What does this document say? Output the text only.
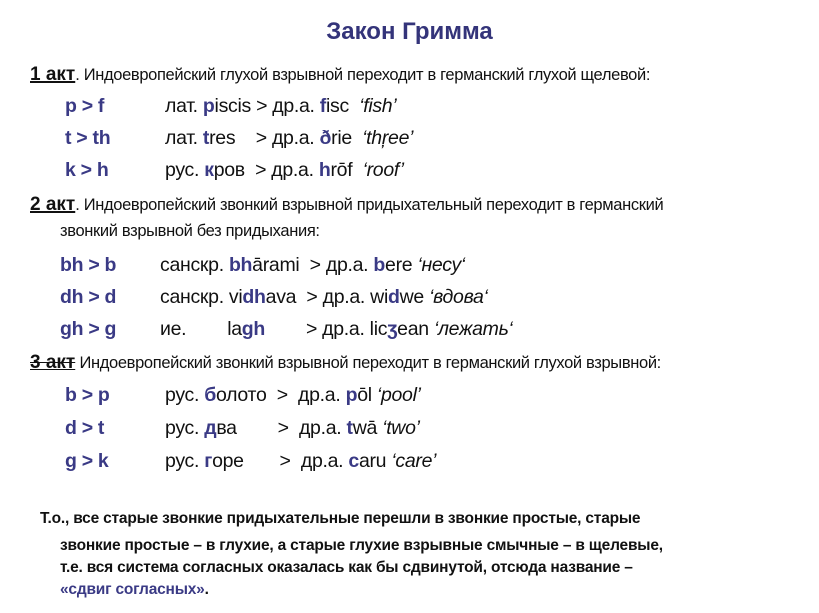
Закон Гримма
1 акт. Индоевропейский глухой взрывной переходит в германский глухой щелевой:
2 акт. Индоевропейский звонкий взрывной придыхательный переходит в германский
звонкий взрывной без придыхания:
3 акт Индоевропейский звонкий взрывной переходит в германский глухой взрывной:
p > f	лат. piscis > др.а. fisc  ‘fish’
t > th	лат. tres    > др.а. ðrie  ‘thŗee’
k > h	рус. кров  > др.а. hrōf  ‘roof’
bh > b	санскр. bhārami  > др.а. bere ‘несу‘
dh > d	санскр. vidhava  > др.а. widwe ‘вдова‘
gh > g	ие.        lagh        > др.а. licʒean ‘лежать‘
b > p	рус. болото  >  др.а. pōl ‘pool’
d > t	рус. два        >  др.а. twā ‘two’
g > k	рус. горе       >  др.а. caru ‘care’
Т.о., все старые звонкие придыхательные перешли в звонкие простые, старые
звонкие простые – в глухие, а старые глухие взрывные смычные – в щелевые,
т.е. вся система согласных оказалась как бы сдвинутой, отсюда название –
«сдвиг согласных».
